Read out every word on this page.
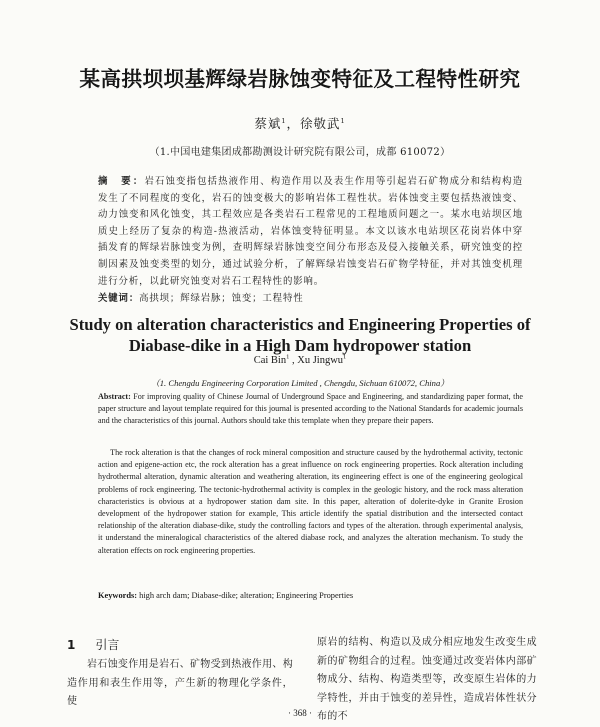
某高拱坝坝基辉绿岩脉蚀变特征及工程特性研究
蔡斌$^1$，徐敬武$^1$
（1.中国电建集团成都勘测设计研究院有限公司，成都 610072）
摘　要：岩石蚀变指包括热液作用、构造作用以及表生作用等引起岩石矿物成分和结构构造发生了不同程度的变化，岩石的蚀变极大的影响岩体工程性状。岩体蚀变主要包括热液蚀变、动力蚀变和风化蚀变，其工程效应是各类岩石工程常见的工程地质问题之一。某水电站坝区地质史上经历了复杂的构造-热液活动，岩体蚀变特征明显。本文以该水电站坝区花岗岩体中穿插发育的辉绿岩脉蚀变为例，查明辉绿岩脉蚀变空间分布形态及侵入接触关系，研究蚀变的控制因素及蚀变类型的划分，通过试验分析，了解辉绿岩蚀变岩石矿物学特征，并对其蚀变机理进行分析，以此研究蚀变对岩石工程特性的影响。
关键词：高拱坝；辉绿岩脉；蚀变；工程特性
Study on alteration characteristics and Engineering Properties of
Diabase-dike in a High Dam hydropower station
Cai Bin$^1$ , Xu Jingwu$^1$
（1. Chengdu Engineering Corporation Limited , Chengdu, Sichuan 610072, China）
Abstract: For improving quality of Chinese Journal of Underground Space and Engineering, and standardizing paper format, the paper structure and layout template required for this journal is presented according to the National Standards for academic journals and the characteristics of this journal. Authors should take this template when they prepare their papers.
The rock alteration is that the changes of rock mineral composition and structure caused by the hydrothermal activity, tectonic action and epigene-action etc, the rock alteration has a great influence on rock engineering properties. Rock alteration including hydrothermal alteration, dynamic alteration and weathering alteration, its engineering effect is one of the engineering geological problems of rock engineering. The tectonic-hydrothermal activity is complex in the geologic history, and the rock mass alteration characteristics is obvious at a hydropower station dam site. In this paper, alteration of dolerite-dyke in Granite Erosion development of the hydropower station for example, This article identify the spatial distribution and the intersected contact relationship of the alteration diabase-dike, study the controlling factors and types of the alteration. through experimental analysis, it understand the mineralogical characteristics of the altered diabase rock, and analyzes the alteration mechanism. To study the alteration effects on rock engineering properties.
Keywords: high arch dam; Diabase-dike; alteration; Engineering Properties
1 引言
岩石蚀变作用是岩石、矿物受到热液作用、构造作用和表生作用等，产生新的物理化学条件，使
原岩的结构、构造以及成分相应地发生改变生成新的矿物组合的过程。蚀变通过改变岩体内部矿物成分、结构、构造类型等，改变原生岩体的力学特性，并由于蚀变的差异性，造成岩体性状分布的不
· 368 ·
